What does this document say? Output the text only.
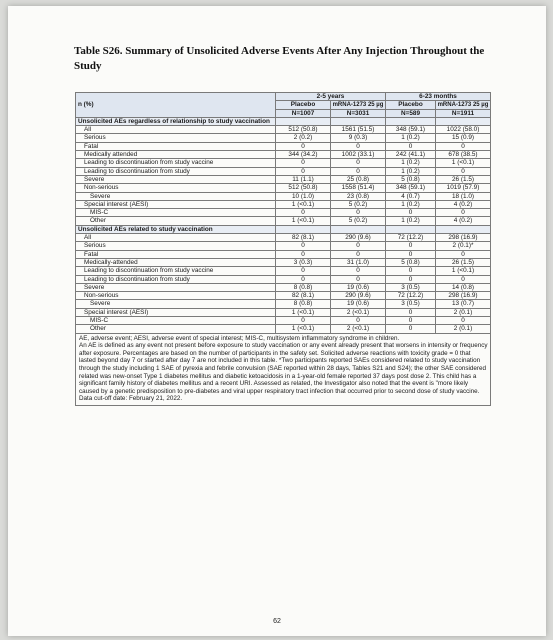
Table S26. Summary of Unsolicited Adverse Events After Any Injection Throughout the Study
n (%)	2-5 years		6-23 months	
	Placebo	mRNA-1273 25 µg	Placebo	mRNA-1273 25 µg
	N=1007	N=3031	N=589	N=1911
Unsolicited AEs regardless of relationship to study vaccination				
All	512 (50.8)	1561 (51.5)	348 (59.1)	1022 (58.0)
Serious	2 (0.2)	9 (0.3)	1 (0.2)	15 (0.9)
Fatal	0	0	0	0
Medically attended	344 (34.2)	1002 (33.1)	242 (41.1)	678 (38.5)
Leading to discontinuation from study vaccine	0	0	1 (0.2)	1 (<0.1)
Leading to discontinuation from study	0	0	1 (0.2)	0
Severe	11 (1.1)	25 (0.8)	5 (0.8)	26 (1.5)
Non-serious	512 (50.8)	1558 (51.4)	348 (59.1)	1019 (57.9)
Severe	10 (1.0)	23 (0.8)	4 (0.7)	18 (1.0)
Special interest (AESI)	1 (<0.1)	5 (0.2)	1 (0.2)	4 (0.2)
MIS-C	0	0	0	0
Other	1 (<0.1)	5 (0.2)	1 (0.2)	4 (0.2)
Unsolicited AEs related to study vaccination				
All	82 (8.1)	290 (9.6)	72 (12.2)	298 (16.9)
Serious	0	0	0	2 (0.1)*
Fatal	0	0	0	0
Medically-attended	3 (0.3)	31 (1.0)	5 (0.8)	26 (1.5)
Leading to discontinuation from study vaccine	0	0	0	1 (<0.1)
Leading to discontinuation from study	0	0	0	0
Severe	8 (0.8)	19 (0.6)	3 (0.5)	14 (0.8)
Non-serious	82 (8.1)	290 (9.6)	72 (12.2)	298 (16.9)
Severe	8 (0.8)	19 (0.6)	3 (0.5)	13 (0.7)
Special interest (AESI)	1 (<0.1)	2 (<0.1)	0	2 (0.1)
MIS-C	0	0	0	0
Other	1 (<0.1)	2 (<0.1)	0	2 (0.1)

AE, adverse event; AESI, adverse event of special interest; MIS-C, multisystem inflammatory syndrome in children.
An AE is defined as any event not present before exposure to study vaccination or any event already present that worsens in intensity or frequency after exposure. Percentages are based on the number of participants in the safety set. Solicited adverse reactions with toxicity grade = 0 that lasted beyond day 7 or started after day 7 are not included in this table. *Two participants reported SAEs considered related to study vaccination through the study including 1 SAE of pyrexia and febrile convulsion (SAE reported within 28 days, Tables S21 and S24); the other SAE considered related was new-onset Type 1 diabetes mellitus and diabetic ketoacidosis in a 1-year-old female reported 37 days post dose 2. This child has a significant family history of diabetes mellitus and a recent URI. Assessed as related, the Investigator also noted that the event is "more likely caused by a genetic predisposition to pre-diabetes and viral upper respiratory tract infection that occurred prior to second dose of study vaccine.
Data cut-off date: February 21, 2022.				
62
